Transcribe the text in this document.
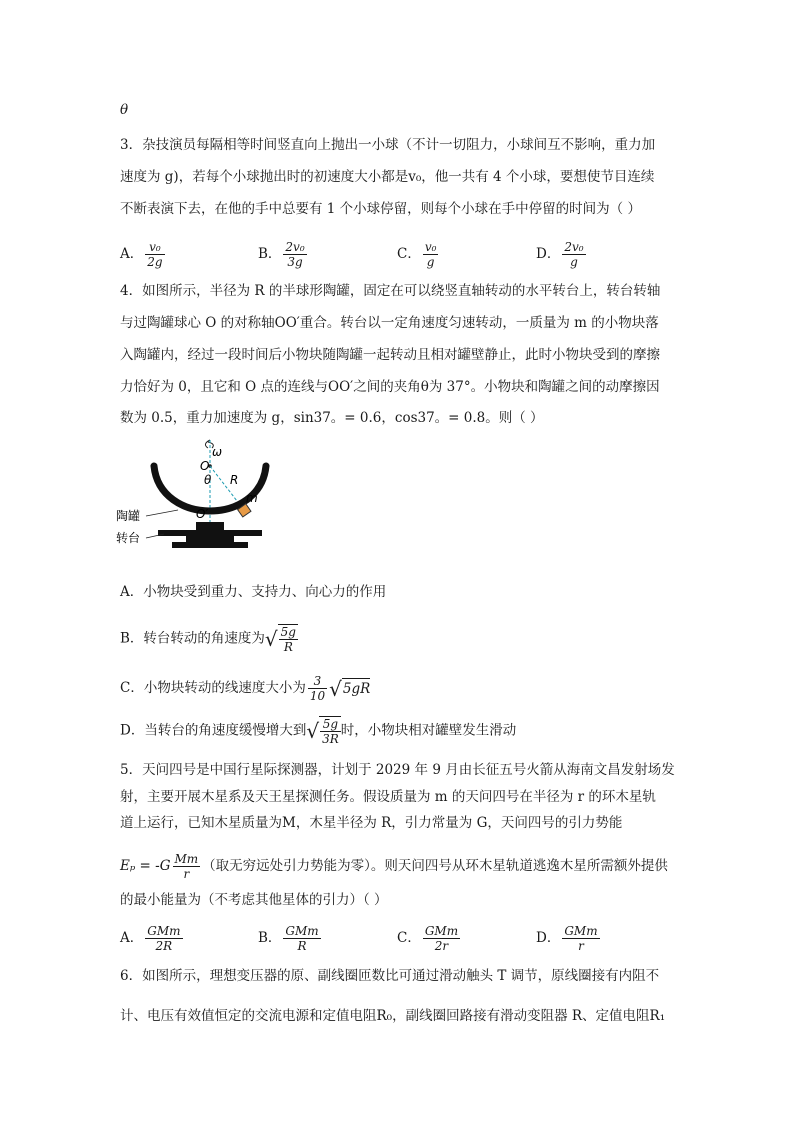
θ
3．杂技演员每隔相等时间竖直向上抛出一小球（不计一切阻力，小球间互不影响，重力加
速度为 g)，若每个小球抛出时的初速度大小都是v₀，他一共有 4 个小球，要想使节目连续
不断表演下去，在他的手中总要有 1 个小球停留，则每个小球在手中停留的时间为（ ）
A． $\frac{\text{v₀}}{2g}$	B． $\frac{\text{2v₀}}{3g}$	C． $\frac{\text{v₀}}{g}$	D． $\frac{\text{2v₀}}{g}$
4．如图所示，半径为 R 的半球形陶罐，固定在可以绕竖直轴转动的水平转台上，转台转轴
与过陶罐球心 O 的对称轴OO′重合。转台以一定角速度匀速转动，一质量为 m 的小物块落
入陶罐内，经过一段时间后小物块随陶罐一起转动且相对罐壁静止，此时小物块受到的摩擦
力恰好为 0，且它和 O 点的连线与OO′之间的夹角θ为 37°。小物块和陶罐之间的动摩擦因
数为 0.5，重力加速度为 g，sin37。= 0.6，cos37。= 0.8。则（ ）
ω
O
θ R
m
O′
陶罐
转台
A．小物块受到重力、支持力、向心力的作用
B．转台转动的角速度为√ $\frac{5g}{R}$
C．小物块转动的线速度大小为 $\frac{3}{10} √5gR$
D．当转台的角速度缓慢增大到√ $\frac{5g}{3R}$ 时，小物块相对罐壁发生滑动
5．天问四号是中国行星际探测器，计划于 2029 年 9 月由长征五号火箭从海南文昌发射场发
射，主要开展木星系及天王星探测任务。假设质量为 m 的天问四号在半径为 r 的环木星轨
道上运行，已知木星质量为M，木星半径为 R，引力常量为 G，天问四号的引力势能
$E_p = -G \frac{Mm}{r}$ （取无穷远处引力势能为零）。则天问四号从环木星轨道逃逸木星所需额外提供
的最小能量为（不考虑其他星体的引力）（ ）
A． $\frac{\text{GMm}}{2R}$	B． $\frac{\text{GMm}}{R}$	C． $\frac{\text{GMm}}{2r}$	D． $\frac{\text{GMm}}{r}$
6．如图所示，理想变压器的原、副线圈匝数比可通过滑动触头 T 调节，原线圈接有内阻不
计、电压有效值恒定的交流电源和定值电阻R₀，副线圈回路接有滑动变阻器 R、定值电阻R₁
